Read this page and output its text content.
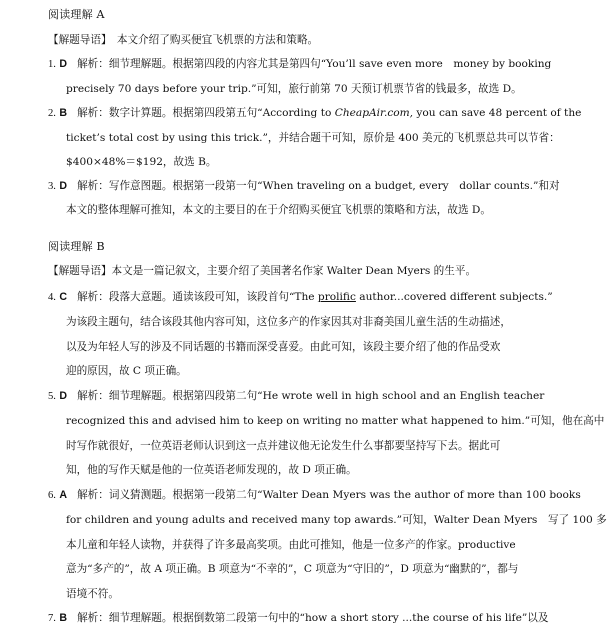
阅读理解 A
【解题导语】　本文介绍了购买便宜飞机票的方法和策略。
1. D 解析：细节理解题。根据第四段的内容尤其是第四句“You’ll save even more　money by booking
precisely 70 days before your trip.”可知，旅行前第 70 天预订机票节省的钱最多，故选 D。
2. B 解析：数字计算题。根据第四段第五句“According to CheapAir.com, you can save 48 percent of the
ticket’s total cost by using this trick.”，并结合题干可知，原价是 400 美元的飞机票总共可以节省：
$400×48%＝$192，故选 B。
3. D 解析：写作意图题。根据第一段第一句“When traveling on a budget, every　dollar counts.”和对
本文的整体理解可推知，本文的主要目的在于介绍购买便宜飞机票的策略和方法，故选 D。
阅读理解 B
【解题导语】本文是一篇记叙文，主要介绍了美国著名作家 Walter Dean Myers 的生平。
4. C 解析：段落大意题。通读该段可知，该段首句“The prolific author...covered different subjects.”
为该段主题句，结合该段其他内容可知，这位多产的作家因其对非裔美国儿童生活的生动描述，
以及为年轻人写的涉及不同话题的书籍而深受喜爱。由此可知，该段主要介绍了他的作品受欢
迎的原因，故 C 项正确。
5. D 解析：细节理解题。根据第四段第二句“He wrote well in high school and an English teacher
recognized this and advised him to keep on writing no matter what happened to him.”可知，他在高中
时写作就很好，一位英语老师认识到这一点并建议他无论发生什么事都要坚持写下去。据此可
知，他的写作天赋是他的一位英语老师发现的，故 D 项正确。
6. A 解析：词义猜测题。根据第一段第二句“Walter Dean Myers was the author of more than 100 books
for children and young adults and received many top awards.”可知，Walter Dean Myers　写了 100 多
本儿童和年轻人读物，并获得了许多最高奖项。由此可推知，他是一位多产的作家。productive
意为“多产的”，故 A 项正确。B 项意为“不幸的”，C 项意为“守旧的”，D 项意为“幽默的”，都与
语境不符。
7. B 解析：细节理解题。根据倒数第二段第一句中的“how a short story ...the course of his life”以及
